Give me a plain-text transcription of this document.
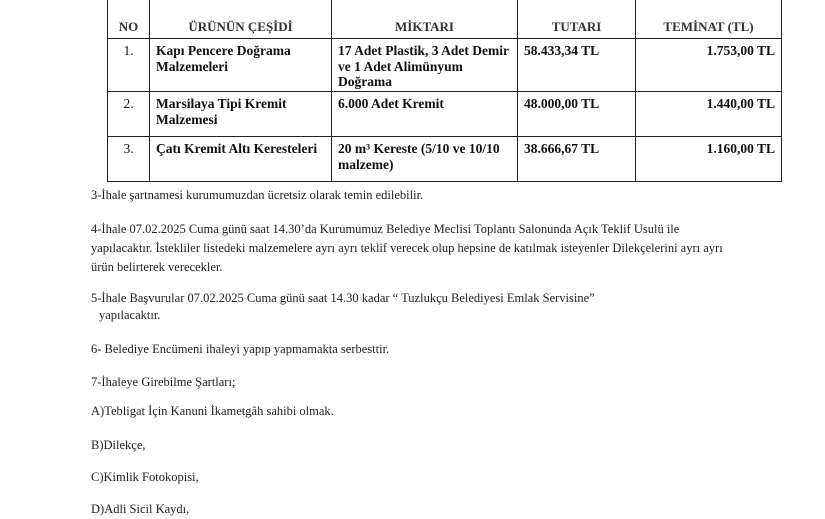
NO	ÜRÜNÜN ÇEŞİDİ	MİKTARI	TUTARI	TEMİNAT (TL)
1.	Kapı Pencere Doğrama Malzemeleri	17 Adet Plastik, 3 Adet Demir ve 1 Adet Alimünyum Doğrama	58.433,34 TL	1.753,00 TL
2.	Marsilaya Tipi Kremit Malzemesi	6.000 Adet Kremit	48.000,00 TL	1.440,00 TL
3.	Çatı Kremit Altı Keresteleri	20 m³ Kereste (5/10 ve 10/10 malzeme)	38.666,67 TL	1.160,00 TL
3-İhale şartnamesi kurumumuzdan ücretsiz olarak temin edilebilir.
4-İhale 07.02.2025 Cuma günü saat 14.30’da Kurumumuz Belediye Meclisi Toplantı Salonunda Açık Teklif Usulü ile yapılacaktır. İstekliler listedeki malzemelere ayrı ayrı teklif verecek olup hepsine de katılmak isteyenler Dilekçelerini ayrı ayrı ürün belirterek verecekler.
5-İhale Başvurular 07.02.2025 Cuma günü saat 14.30 kadar “ Tuzlukçu Belediyesi Emlak Servisine”
yapılacaktır.
6- Belediye Encümeni ihaleyi yapıp yapmamakta serbesttir.
7-İhaleye Girebilme Şartları;
A)Tebligat İçin Kanuni İkametgâh sahibi olmak.
B)Dilekçe,
C)Kimlik Fotokopisi,
D)Adli Sicil Kaydı,
